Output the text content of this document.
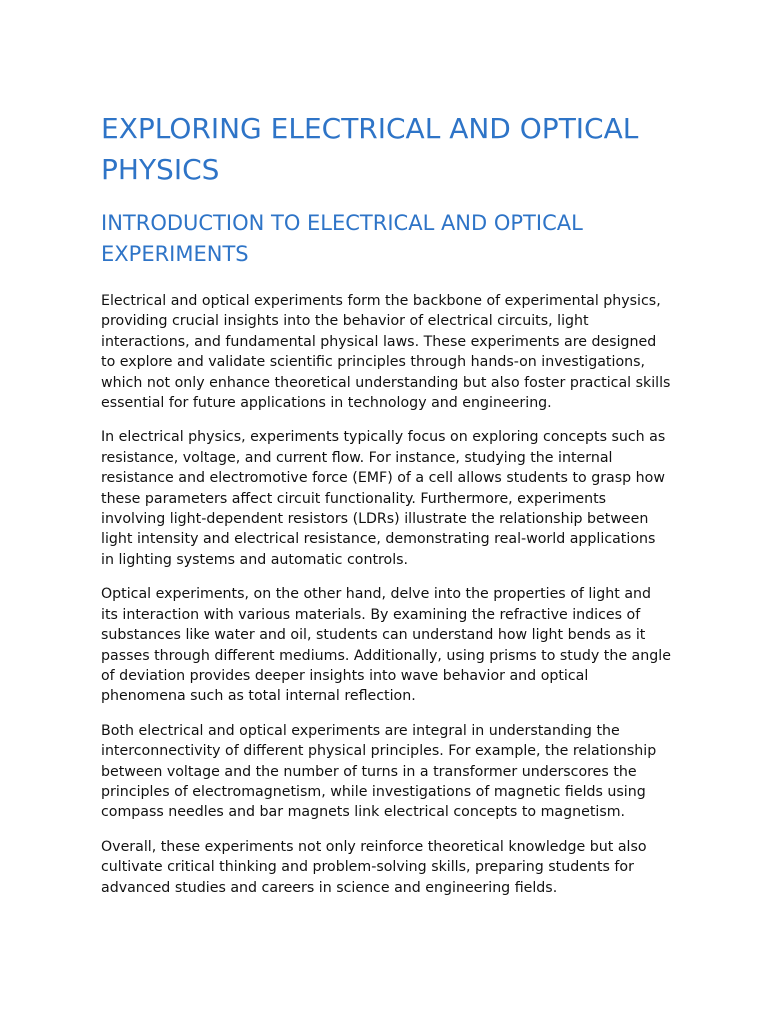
EXPLORING ELECTRICAL AND OPTICAL PHYSICS
INTRODUCTION TO ELECTRICAL AND OPTICAL EXPERIMENTS

Electrical and optical experiments form the backbone of experimental physics, providing crucial insights into the behavior of electrical circuits, light interactions, and fundamental physical laws. These experiments are designed to explore and validate scientific principles through hands-on investigations, which not only enhance theoretical understanding but also foster practical skills essential for future applications in technology and engineering.

In electrical physics, experiments typically focus on exploring concepts such as resistance, voltage, and current flow. For instance, studying the internal resistance and electromotive force (EMF) of a cell allows students to grasp how these parameters affect circuit functionality. Furthermore, experiments involving light-dependent resistors (LDRs) illustrate the relationship between light intensity and electrical resistance, demonstrating real-world applications in lighting systems and automatic controls.

Optical experiments, on the other hand, delve into the properties of light and its interaction with various materials. By examining the refractive indices of substances like water and oil, students can understand how light bends as it passes through different mediums. Additionally, using prisms to study the angle of deviation provides deeper insights into wave behavior and optical phenomena such as total internal reflection.

Both electrical and optical experiments are integral in understanding the interconnectivity of different physical principles. For example, the relationship between voltage and the number of turns in a transformer underscores the principles of electromagnetism, while investigations of magnetic fields using compass needles and bar magnets link electrical concepts to magnetism.

Overall, these experiments not only reinforce theoretical knowledge but also cultivate critical thinking and problem-solving skills, preparing students for advanced studies and careers in science and engineering fields.
